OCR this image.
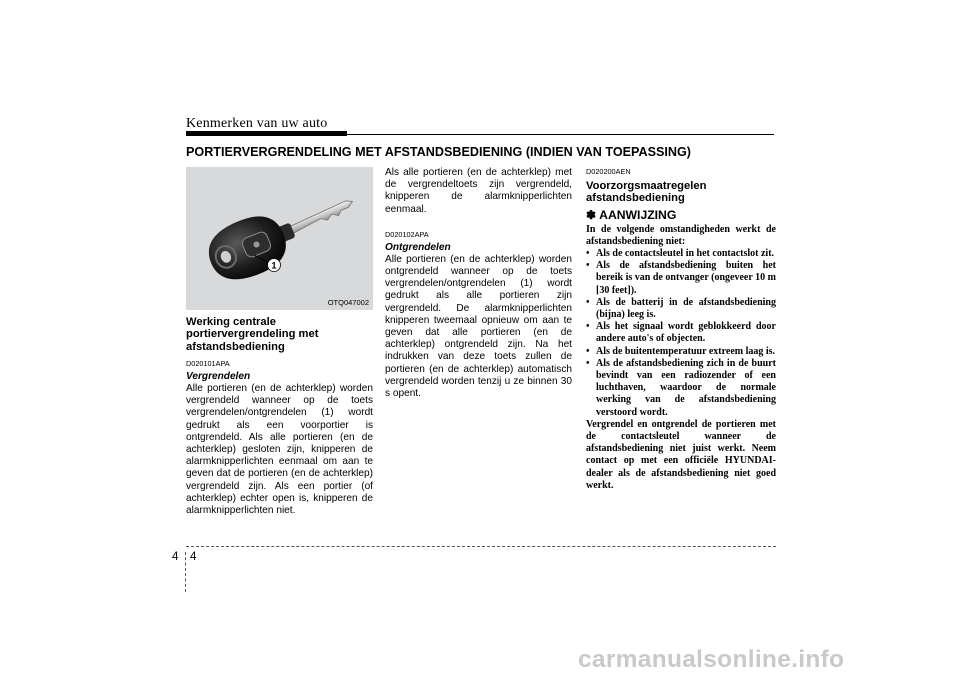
Kenmerken van uw auto
PORTIERVERGRENDELING MET AFSTANDSBEDIENING (INDIEN VAN TOEPASSING)
1
OTQ047002
Werking centrale portiervergrendeling met afstandsbediening
D020101APA
Vergrendelen
Alle portieren (en de achterklep) worden vergrendeld wanneer op de toets vergrendelen/ontgrendelen (1) wordt gedrukt als een voorportier is ontgrendeld. Als alle portieren (en de achterklep) gesloten zijn, knipperen de alarmknipperlichten eenmaal om aan te geven dat de portieren (en de achterklep) vergrendeld zijn. Als een portier (of achterklep) echter open is, knipperen de alarmknipperlichten niet.
Als alle portieren (en de achterklep) met de vergrendeltoets zijn vergrendeld, knipperen de alarmknipperlichten eenmaal.
D020102APA
Ontgrendelen
Alle portieren (en de achterklep) worden ontgrendeld wanneer op de toets vergrendelen/ontgrendelen (1) wordt gedrukt als alle portieren zijn vergrendeld. De alarmknipperlichten knipperen tweemaal opnieuw om aan te geven dat alle portieren (en de achterklep) ontgrendeld zijn. Na het indrukken van deze toets zullen de portieren (en de achterklep) automatisch vergrendeld worden tenzij u ze binnen 30 s opent.
D020200AEN
Voorzorgsmaatregelen afstandsbediening
✽ AANWIJZING
In de volgende omstandigheden werkt de afstandsbediening niet:
• Als de contactsleutel in het contactslot zit.
• Als de afstandsbediening buiten het bereik is van de ontvanger (ongeveer 10 m [30 feet]).
• Als de batterij in de afstandsbediening (bijna) leeg is.
• Als het signaal wordt geblokkeerd door andere auto's of objecten.
• Als de buitentemperatuur extreem laag is.
• Als de afstandsbediening zich in de buurt bevindt van een radiozender of een luchthaven, waardoor de normale werking van de afstandsbediening verstoord wordt.
Vergrendel en ontgrendel de portieren met de contactsleutel wanneer de afstandsbediening niet juist werkt. Neem contact op met een officiële HYUNDAI-dealer als de afstandsbediening niet goed werkt.
4 4
carmanualsonline.info
